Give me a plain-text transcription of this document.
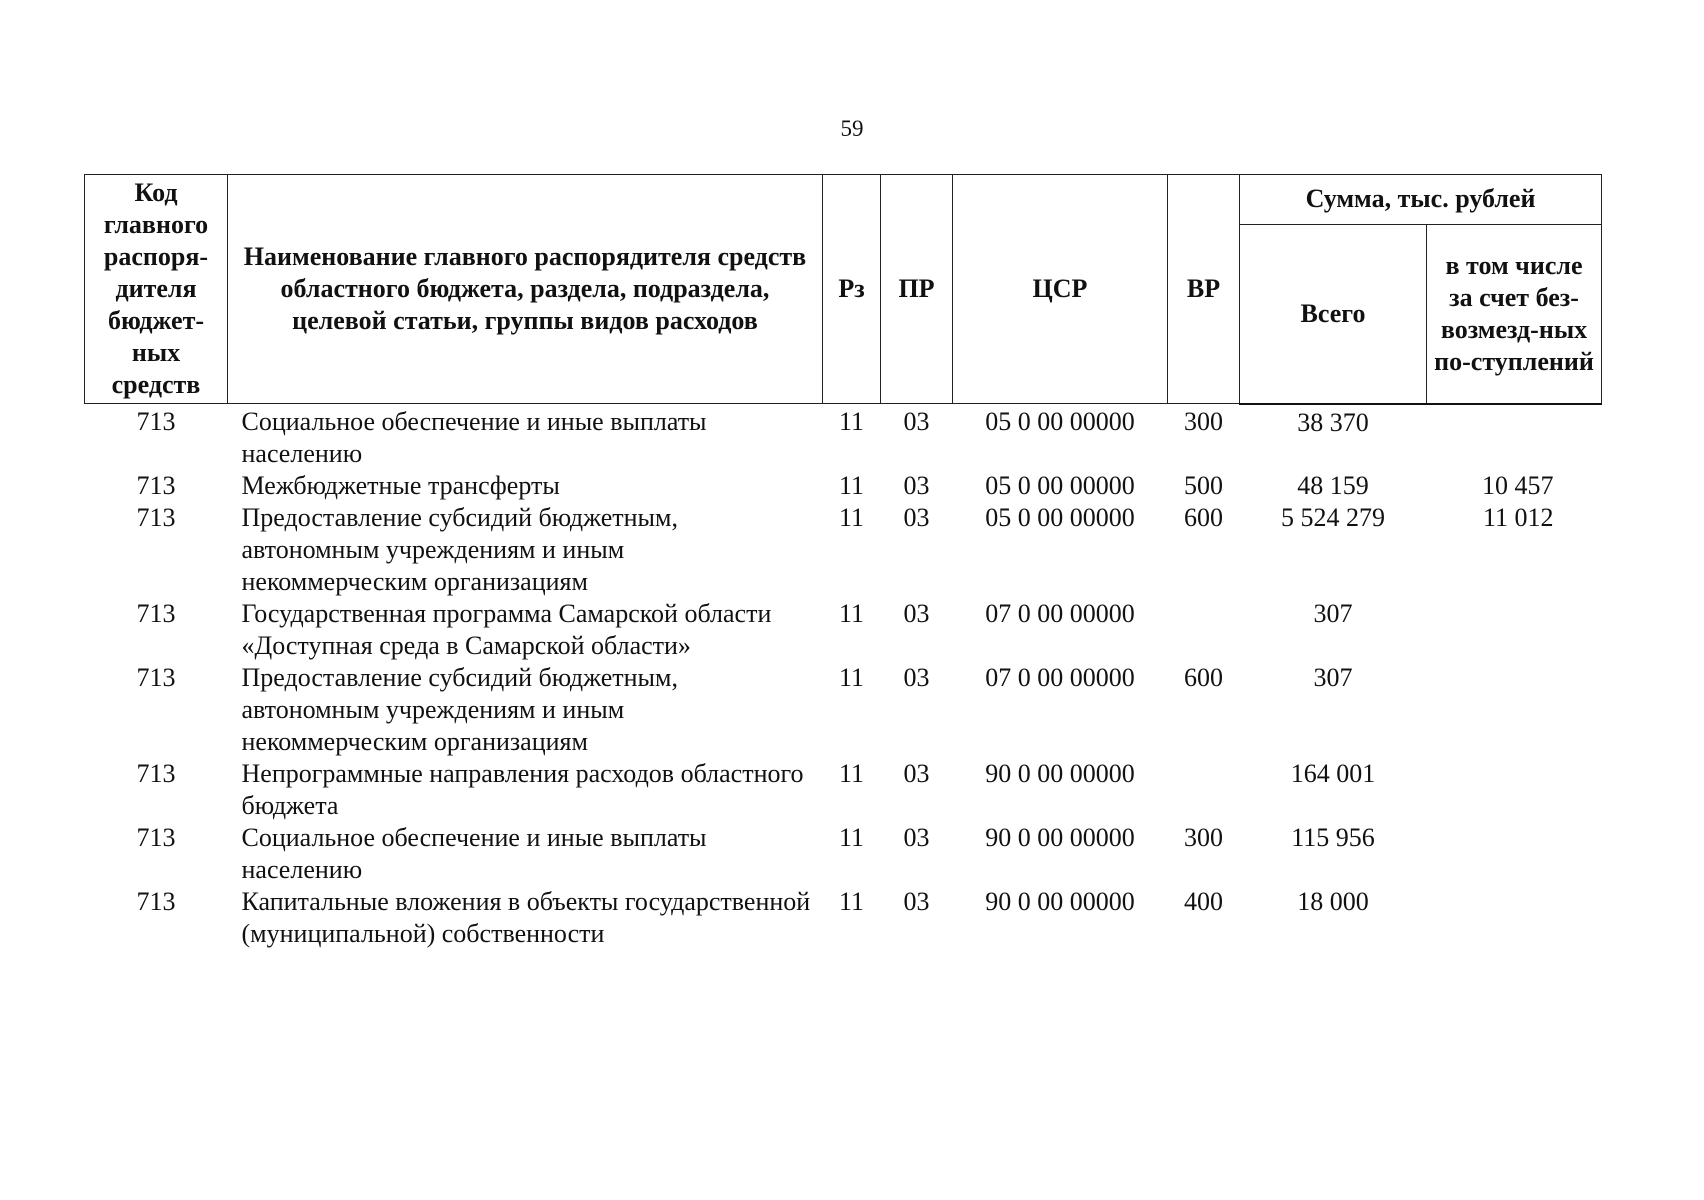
59
Код главного распоря-дителя бюджет-ных средств	Наименование главного распорядителя средств областного бюджета, раздела, подраздела, целевой статьи, группы видов расходов	Рз	ПР	ЦСР	ВР	Сумма, тыс. рублей	
						Всего	в том числе за счет без-возмезд-ных по-ступлений
713	Социальное обеспечение и иные выплаты населению	11	03	05 0 00 00000	300	38 370	
713	Межбюджетные трансферты	11	03	05 0 00 00000	500	48 159	10 457
713	Предоставление субсидий бюджетным, автономным учреждениям и иным некоммерческим организациям	11	03	05 0 00 00000	600	5 524 279	11 012
713	Государственная программа Самарской области «Доступная среда в Самарской области»	11	03	07 0 00 00000		307	
713	Предоставление субсидий бюджетным, автономным учреждениям и иным некоммерческим организациям	11	03	07 0 00 00000	600	307	
713	Непрограммные направления расходов областного бюджета	11	03	90 0 00 00000		164 001	
713	Социальное обеспечение и иные выплаты населению	11	03	90 0 00 00000	300	115 956	
713	Капитальные вложения в объекты государственной (муниципальной) собственности	11	03	90 0 00 00000	400	18 000	
